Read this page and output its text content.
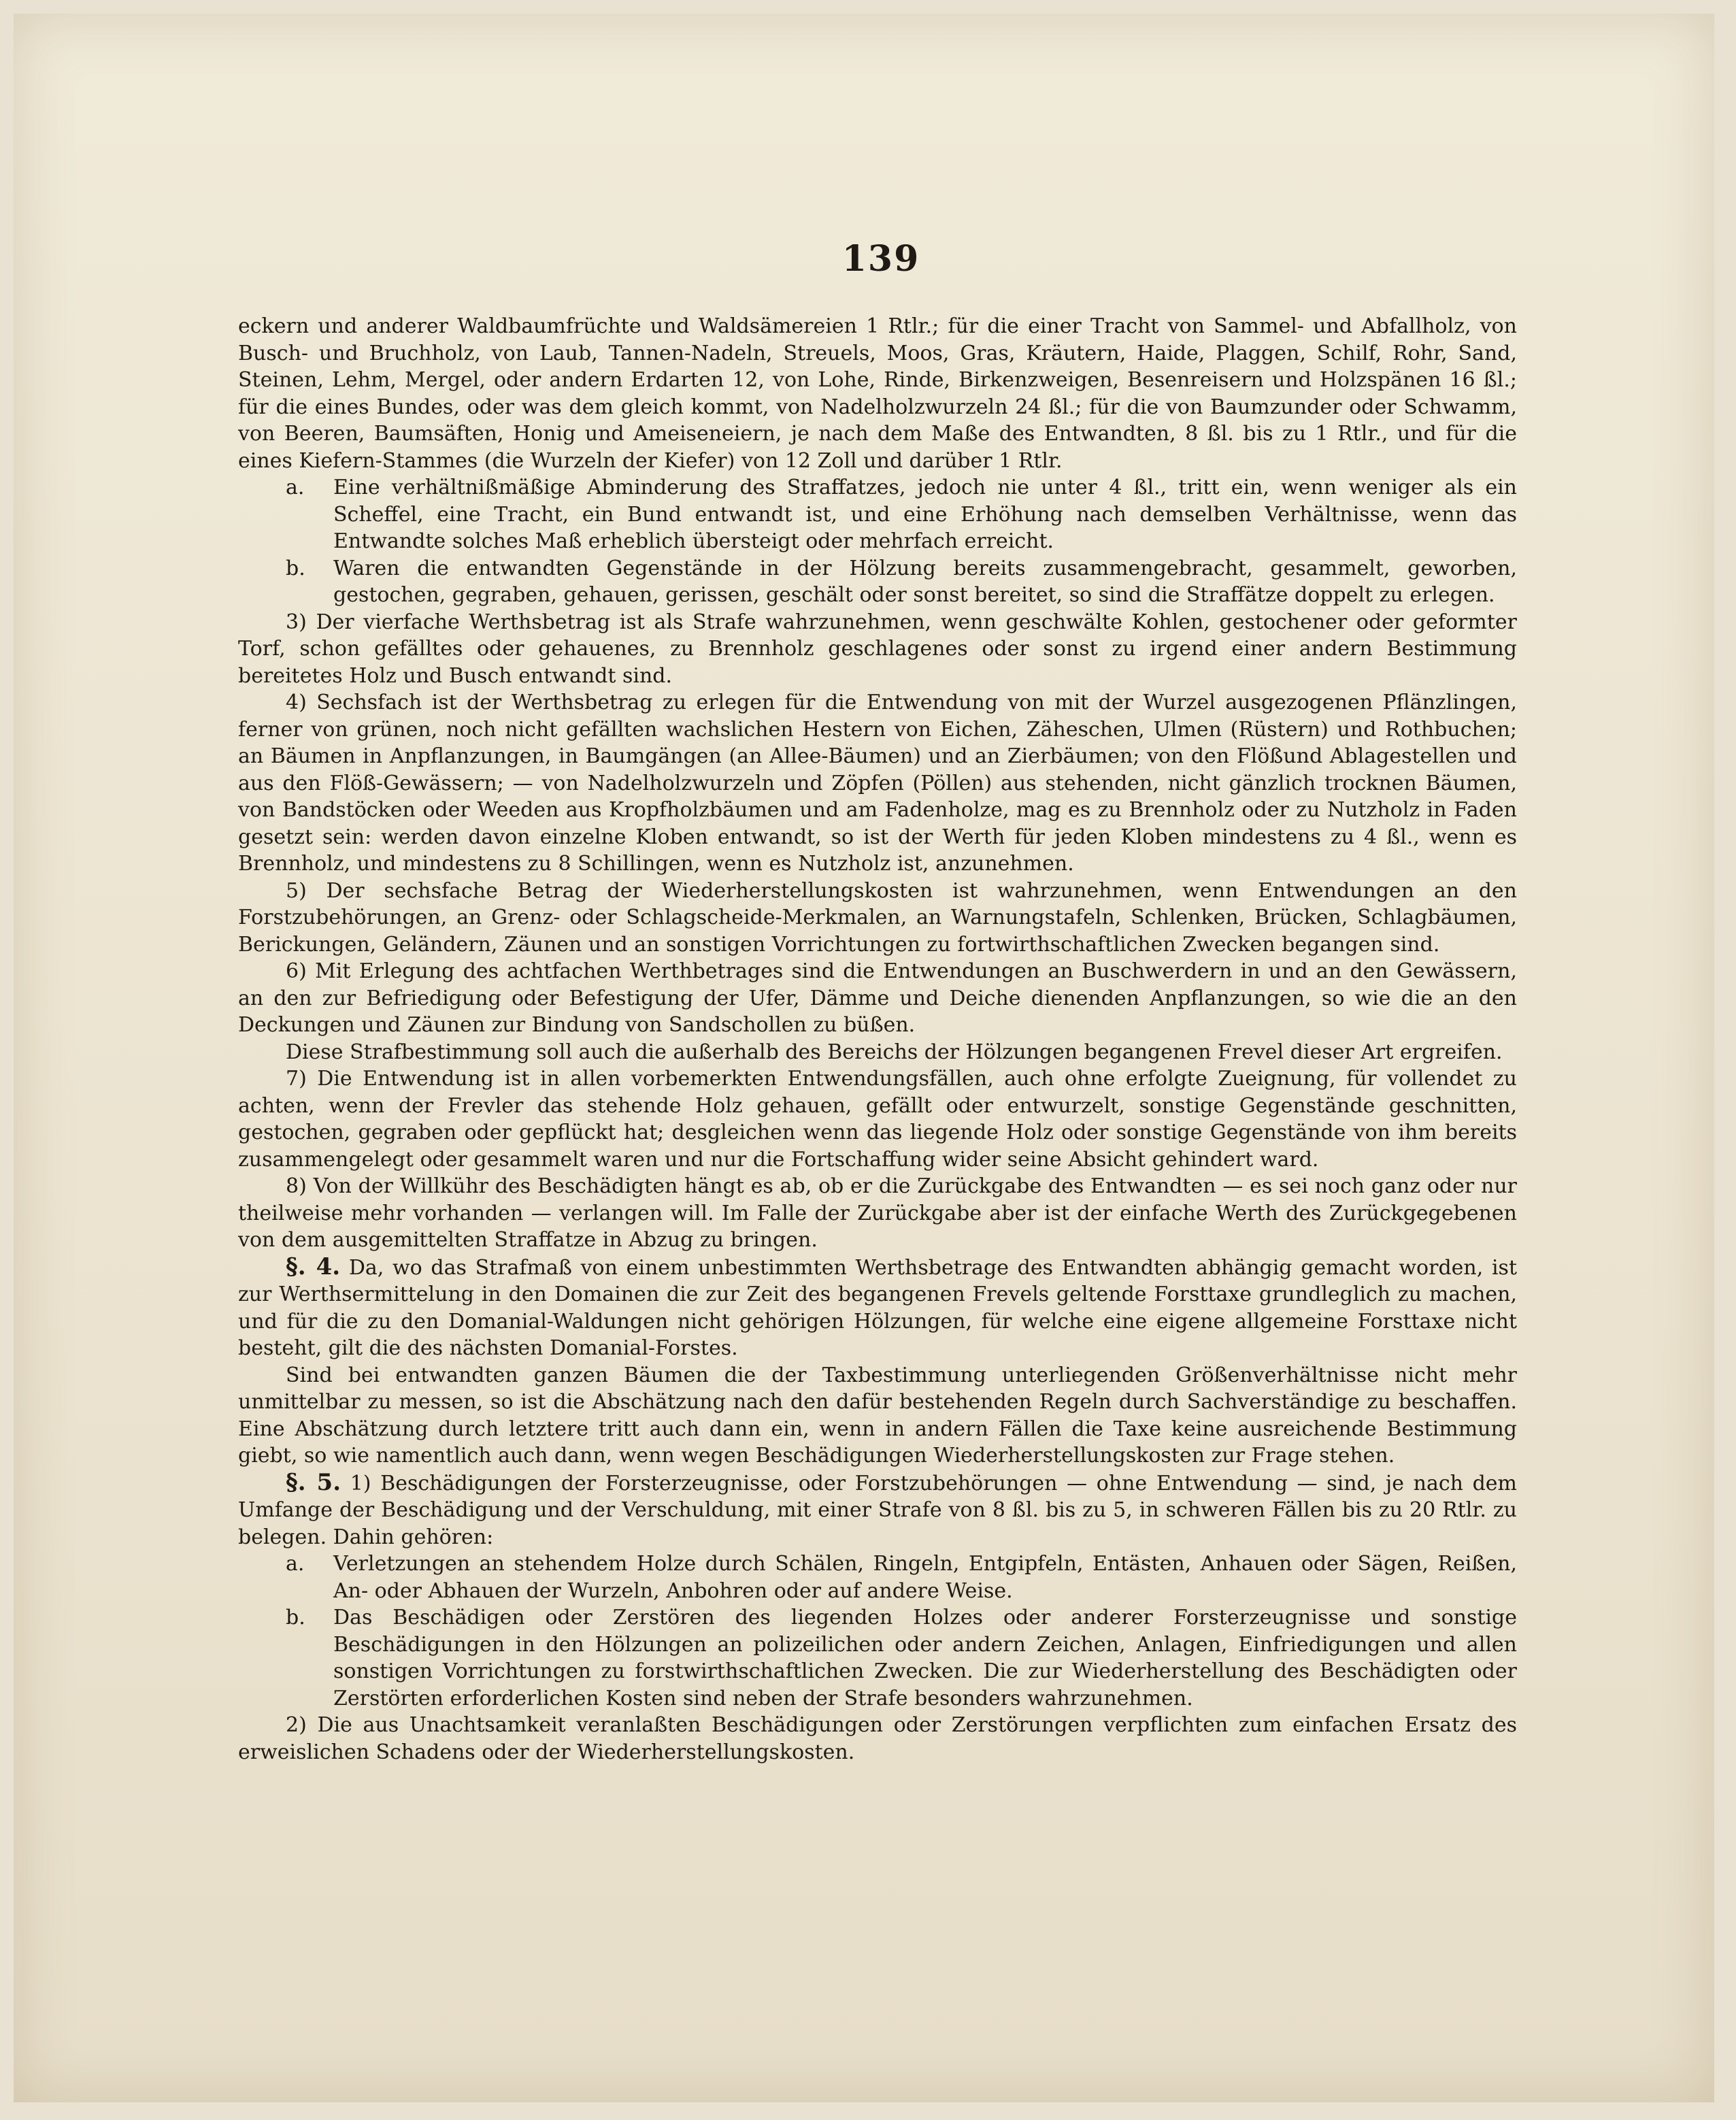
139

eckern und anderer Waldbaumfrüchte und Waldsämereien 1 Rtlr.; für die einer Tracht von Sammel- und Abfallholz, von Busch- und Bruchholz, von Laub, Tannen-Nadeln, Streuels, Moos, Gras, Kräutern, Haide, Plaggen, Schilf, Rohr, Sand, Steinen, Lehm, Mergel, oder andern Erdarten 12, von Lohe, Rinde, Birkenzweigen, Besenreisern und Holzspänen 16 ßl.; für die eines Bundes, oder was dem gleich kommt, von Nadelholzwurzeln 24 ßl.; für die von Baumzunder oder Schwamm, von Beeren, Baumsäften, Honig und Ameiseneiern, je nach dem Maße des Entwandten, 8 ßl. bis zu 1 Rtlr., und für die eines Kiefern-Stammes (die Wurzeln der Kiefer) von 12 Zoll und darüber 1 Rtlr.

a. Eine verhältnißmäßige Abminderung des Straffatzes, jedoch nie unter 4 ßl., tritt ein, wenn weniger als ein Scheffel, eine Tracht, ein Bund entwandt ist, und eine Erhöhung nach demselben Verhältnisse, wenn das Entwandte solches Maß erheblich übersteigt oder mehrfach erreicht.

b. Waren die entwandten Gegenstände in der Hölzung bereits zusammengebracht, gesammelt, geworben, gestochen, gegraben, gehauen, gerissen, geschält oder sonst bereitet, so sind die Straffätze doppelt zu erlegen.

3) Der vierfache Werthsbetrag ist als Strafe wahrzunehmen, wenn geschwälte Kohlen, gestochener oder geformter Torf, schon gefälltes oder gehauenes, zu Brennholz geschlagenes oder sonst zu irgend einer andern Bestimmung bereitetes Holz und Busch entwandt sind.

4) Sechsfach ist der Werthsbetrag zu erlegen für die Entwendung von mit der Wurzel ausgezogenen Pflänzlingen, ferner von grünen, noch nicht gefällten wachslichen Hestern von Eichen, Zäheschen, Ulmen (Rüstern) und Rothbuchen; an Bäumen in Anpflanzungen, in Baumgängen (an Allee-Bäumen) und an Zierbäumen; von den Flößund Ablagestellen und aus den Flöß-Gewässern; — von Nadelholzwurzeln und Zöpfen (Pöllen) aus stehenden, nicht gänzlich trocknen Bäumen, von Bandstöcken oder Weeden aus Kropfholzbäumen und am Fadenholze, mag es zu Brennholz oder zu Nutzholz in Faden gesetzt sein: werden davon einzelne Kloben entwandt, so ist der Werth für jeden Kloben mindestens zu 4 ßl., wenn es Brennholz, und mindestens zu 8 Schillingen, wenn es Nutzholz ist, anzunehmen.

5) Der sechsfache Betrag der Wiederherstellungskosten ist wahrzunehmen, wenn Entwendungen an den Forstzubehörungen, an Grenz- oder Schlagscheide-Merkmalen, an Warnungstafeln, Schlenken, Brücken, Schlagbäumen, Berickungen, Geländern, Zäunen und an sonstigen Vorrichtungen zu fortwirthschaftlichen Zwecken begangen sind.

6) Mit Erlegung des achtfachen Werthbetrages sind die Entwendungen an Buschwerdern in und an den Gewässern, an den zur Befriedigung oder Befestigung der Ufer, Dämme und Deiche dienenden Anpflanzungen, so wie die an den Deckungen und Zäunen zur Bindung von Sandschollen zu büßen.

Diese Strafbestimmung soll auch die außerhalb des Bereichs der Hölzungen begangenen Frevel dieser Art ergreifen.

7) Die Entwendung ist in allen vorbemerkten Entwendungsfällen, auch ohne erfolgte Zueignung, für vollendet zu achten, wenn der Frevler das stehende Holz gehauen, gefällt oder entwurzelt, sonstige Gegenstände geschnitten, gestochen, gegraben oder gepflückt hat; desgleichen wenn das liegende Holz oder sonstige Gegenstände von ihm bereits zusammengelegt oder gesammelt waren und nur die Fortschaffung wider seine Absicht gehindert ward.

8) Von der Willkühr des Beschädigten hängt es ab, ob er die Zurückgabe des Entwandten — es sei noch ganz oder nur theilweise mehr vorhanden — verlangen will. Im Falle der Zurückgabe aber ist der einfache Werth des Zurückgegebenen von dem ausgemittelten Straffatze in Abzug zu bringen.

§. 4. Da, wo das Strafmaß von einem unbestimmten Werthsbetrage des Entwandten abhängig gemacht worden, ist zur Werthsermittelung in den Domainen die zur Zeit des begangenen Frevels geltende Forsttaxe grundleglich zu machen, und für die zu den Domanial-Waldungen nicht gehörigen Hölzungen, für welche eine eigene allgemeine Forsttaxe nicht besteht, gilt die des nächsten Domanial-Forstes.

Sind bei entwandten ganzen Bäumen die der Taxbestimmung unterliegenden Größenverhältnisse nicht mehr unmittelbar zu messen, so ist die Abschätzung nach den dafür bestehenden Regeln durch Sachverständige zu beschaffen. Eine Abschätzung durch letztere tritt auch dann ein, wenn in andern Fällen die Taxe keine ausreichende Bestimmung giebt, so wie namentlich auch dann, wenn wegen Beschädigungen Wiederherstellungskosten zur Frage stehen.

§. 5. 1) Beschädigungen der Forsterzeugnisse, oder Forstzubehörungen — ohne Entwendung — sind, je nach dem Umfange der Beschädigung und der Verschuldung, mit einer Strafe von 8 ßl. bis zu 5, in schweren Fällen bis zu 20 Rtlr. zu belegen. Dahin gehören:

a. Verletzungen an stehendem Holze durch Schälen, Ringeln, Entgipfeln, Entästen, Anhauen oder Sägen, Reißen, An- oder Abhauen der Wurzeln, Anbohren oder auf andere Weise.

b. Das Beschädigen oder Zerstören des liegenden Holzes oder anderer Forsterzeugnisse und sonstige Beschädigungen in den Hölzungen an polizeilichen oder andern Zeichen, Anlagen, Einfriedigungen und allen sonstigen Vorrichtungen zu forstwirthschaftlichen Zwecken. Die zur Wiederherstellung des Beschädigten oder Zerstörten erforderlichen Kosten sind neben der Strafe besonders wahrzunehmen.

2) Die aus Unachtsamkeit veranlaßten Beschädigungen oder Zerstörungen verpflichten zum einfachen Ersatz des erweislichen Schadens oder der Wiederherstellungskosten.
